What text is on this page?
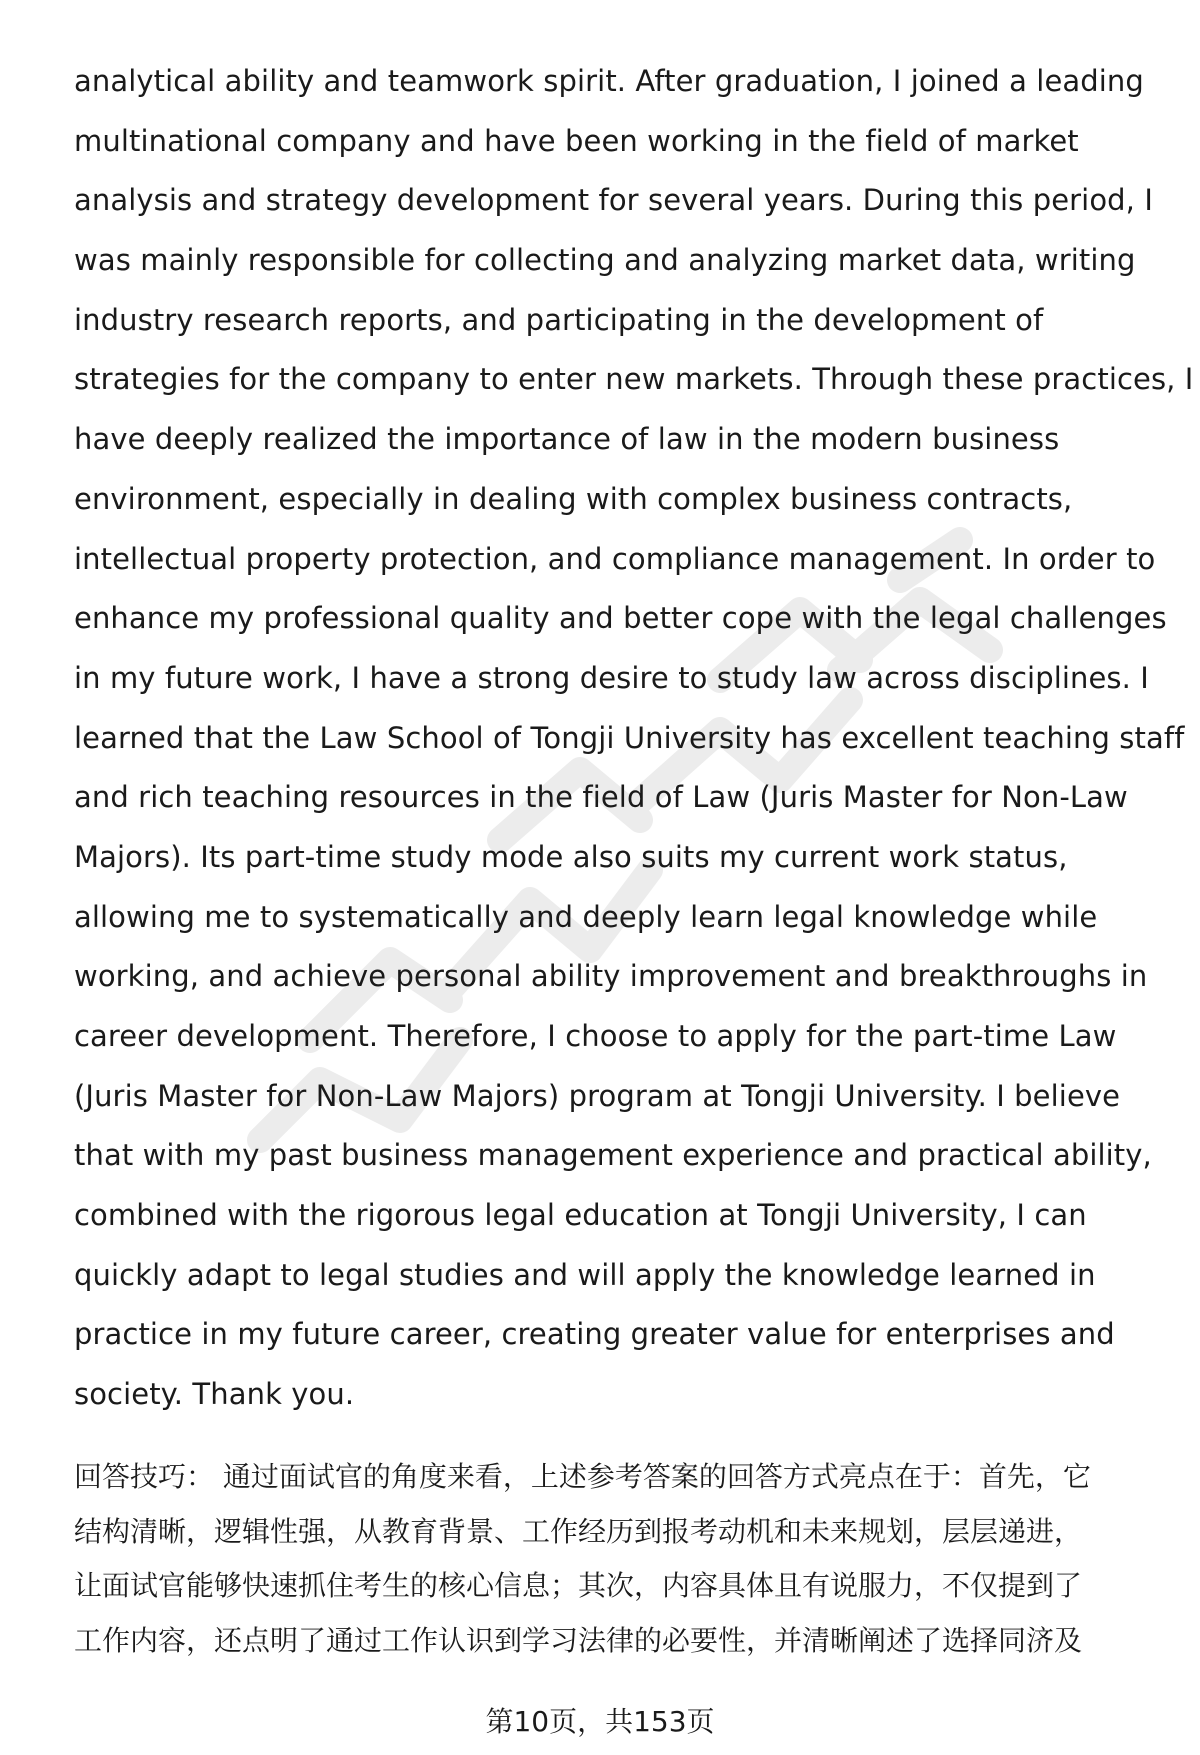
analytical ability and teamwork spirit. After graduation, I joined a leading
multinational company and have been working in the field of market
analysis and strategy development for several years. During this period, I
was mainly responsible for collecting and analyzing market data, writing
industry research reports, and participating in the development of
strategies for the company to enter new markets. Through these practices, I
have deeply realized the importance of law in the modern business
environment, especially in dealing with complex business contracts,
intellectual property protection, and compliance management. In order to
enhance my professional quality and better cope with the legal challenges
in my future work, I have a strong desire to study law across disciplines. I
learned that the Law School of Tongji University has excellent teaching staff
and rich teaching resources in the field of Law (Juris Master for Non-Law
Majors). Its part-time study mode also suits my current work status,
allowing me to systematically and deeply learn legal knowledge while
working, and achieve personal ability improvement and breakthroughs in
career development. Therefore, I choose to apply for the part-time Law
(Juris Master for Non-Law Majors) program at Tongji University. I believe
that with my past business management experience and practical ability,
combined with the rigorous legal education at Tongji University, I can
quickly adapt to legal studies and will apply the knowledge learned in
practice in my future career, creating greater value for enterprises and
society. Thank you.
回答技巧： 通过面试官的角度来看，上述参考答案的回答方式亮点在于：首先，它
结构清晰，逻辑性强，从教育背景、工作经历到报考动机和未来规划，层层递进，
让面试官能够快速抓住考生的核心信息；其次，内容具体且有说服力，不仅提到了
工作内容，还点明了通过工作认识到学习法律的必要性，并清晰阐述了选择同济及
第10页，共153页
